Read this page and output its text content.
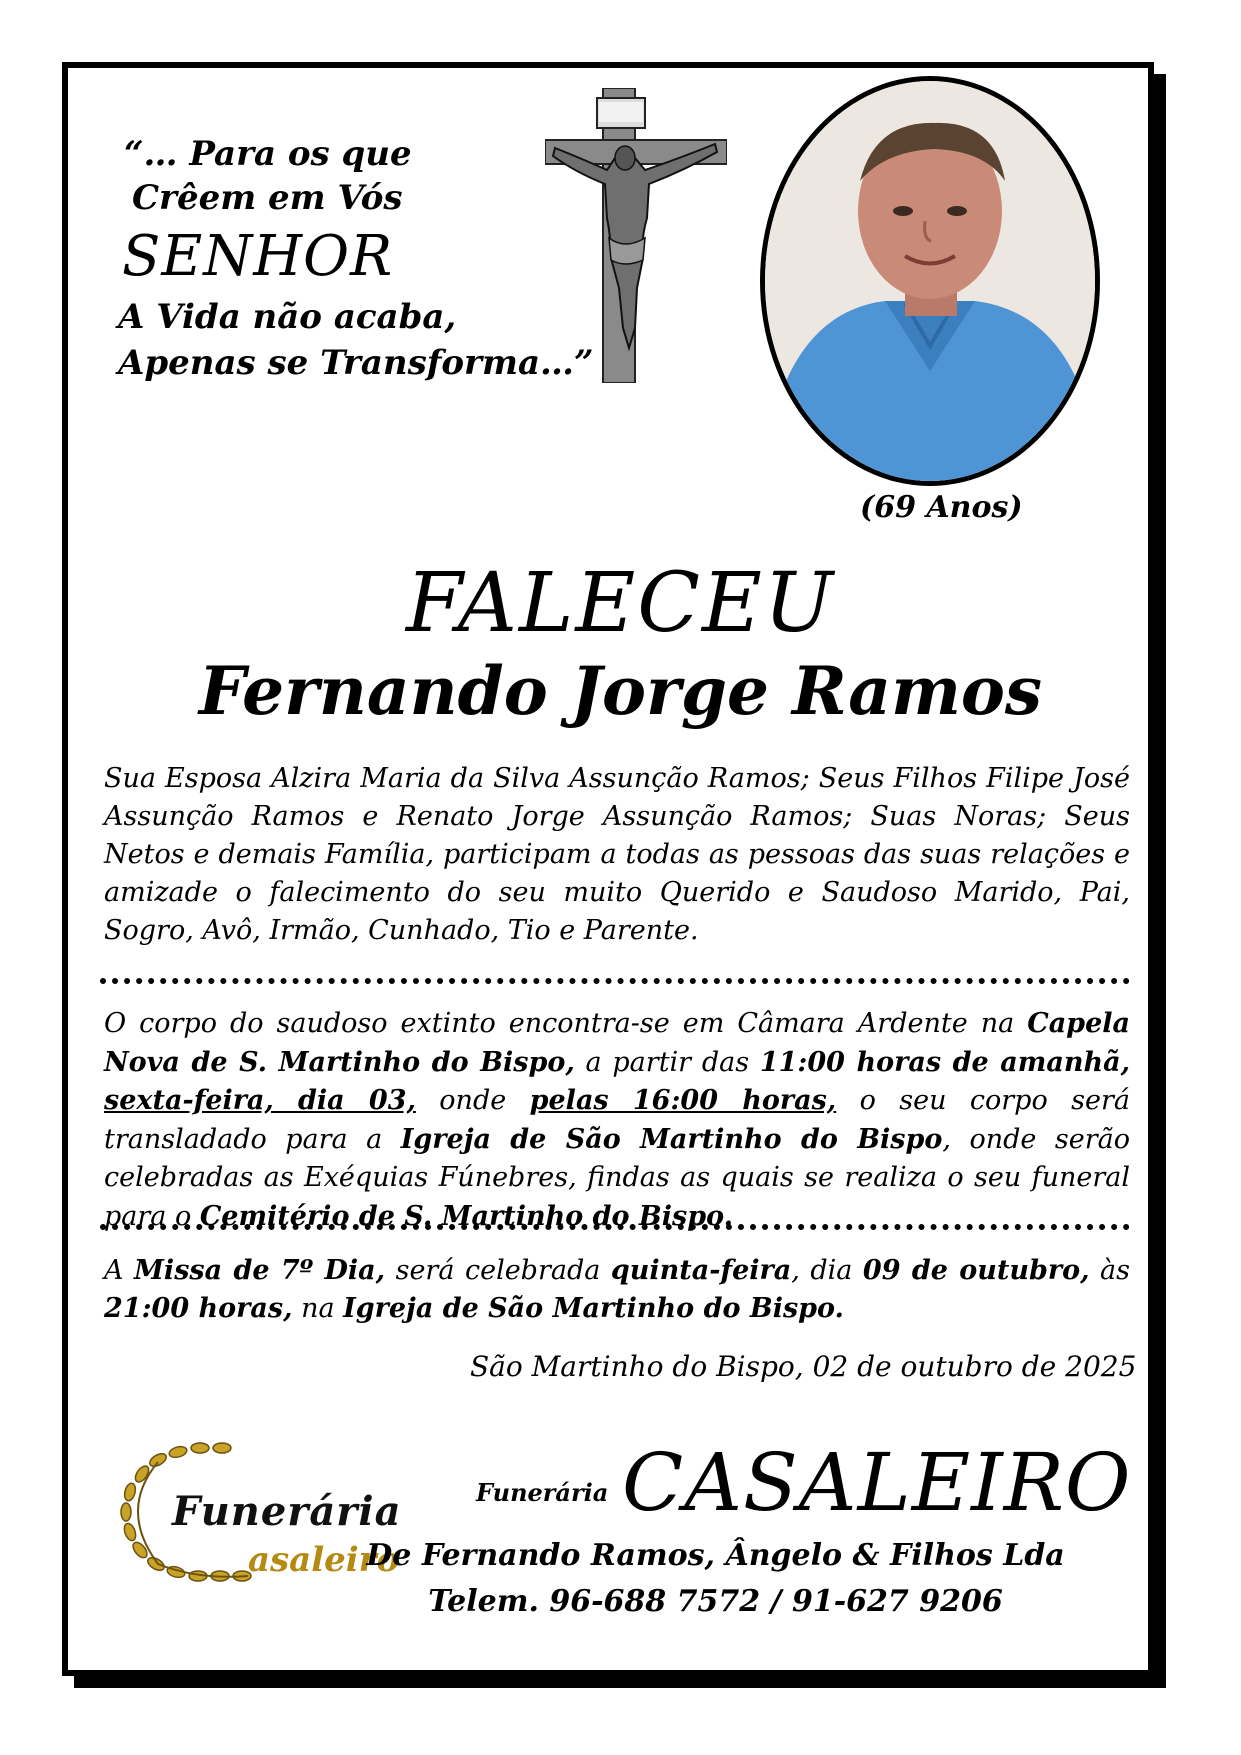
“… Para os que
Crêem em Vós
SENHOR
A Vida não acaba,
Apenas se Transforma…”
(69 Anos)
FALECEU
Fernando Jorge Ramos
Sua Esposa Alzira Maria da Silva Assunção Ramos; Seus Filhos Filipe José Assunção Ramos e Renato Jorge Assunção Ramos; Suas Noras; Seus Netos e demais Família, participam a todas as pessoas das suas relações e amizade o falecimento do seu muito Querido e Saudoso Marido, Pai, Sogro, Avô, Irmão, Cunhado, Tio e Parente.
O corpo do saudoso extinto encontra-se em Câmara Ardente na Capela Nova de S. Martinho do Bispo, a partir das 11:00 horas de amanhã, sexta-feira, dia 03, onde pelas 16:00 horas, o seu corpo será transladado para a Igreja de São Martinho do Bispo, onde serão celebradas as Exéquias Fúnebres, findas as quais se realiza o seu funeral para o Cemitério de S. Martinho do Bispo.
A Missa de 7º Dia, será celebrada quinta-feira, dia 09 de outubro, às 21:00 horas, na Igreja de São Martinho do Bispo.
São Martinho do Bispo, 02 de outubro de 2025
Funerária
asaleiro
Funerária CASALEIRO
De Fernando Ramos, Ângelo & Filhos Lda
Telem. 96-688 7572 / 91-627 9206
